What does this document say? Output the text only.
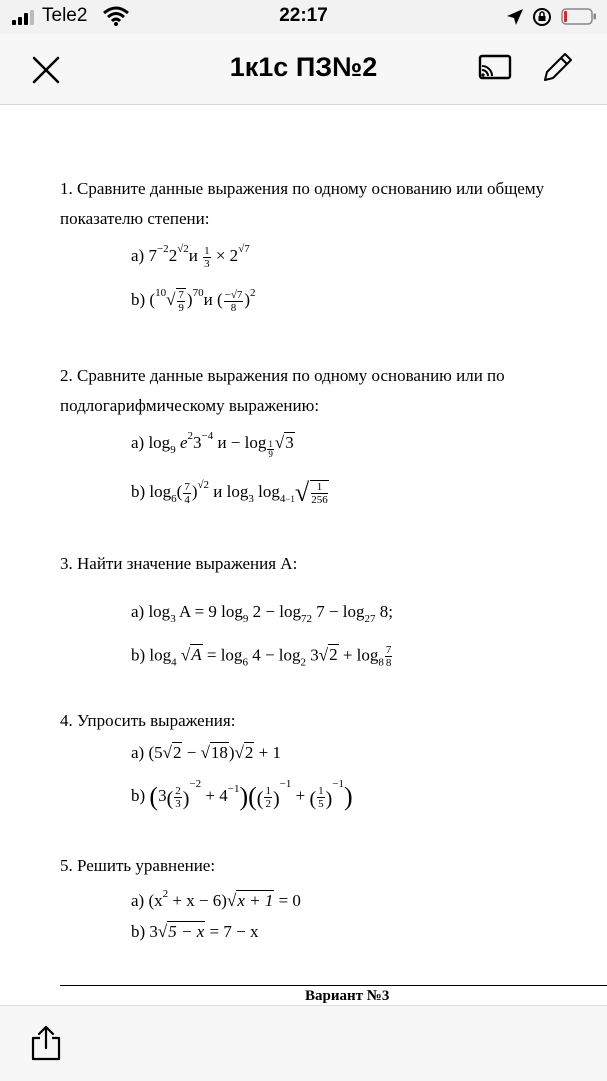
Tele2	22:17
1к1с ПЗ№2
1. Сравните данные выражения по одному основанию или общему
показателю степени:
a) $7^{-2}2^{√2}и \frac{1}{3} \times 2^{√7}$
b) $(^{10}√ \frac{7}{9} )^{70}и$ ( $\frac{-√7}{8} )^2$
2. Сравните данные выражения по одному основанию или по
подлогарифмическому выражению:
a) $\log_9 e^23^{-4}$ $и - \log \frac{1}{9} √3$
b) $\log_6( \frac{7}{4} )^{√2}$ и $\log_3 \log_{4-1}√ \frac{1}{256}$
3. Найти значение выражения А:
a) $\log_3 A = 9$ $\log_9 2 - \log_{72} 7 - \log_{27} 8$;
b) $\log_4 √A = \log_6 4 - \log_2 3√2 + \log_8 \frac{7}{8}$
4. Упросить выражения:
a) (5√2 − √18)√2 + 1
b) $(3( \frac{2}{3} )^{-2} + 4^{-1})(( \frac{1}{2} )^{-1}$ + ( $\frac{1}{5} )^{-1}$)
5. Решить уравнение:
a) $(x^2 + x - 6)√x + 1 = 0$
b) 3√5 − x = 7 − x
Вариант №3
